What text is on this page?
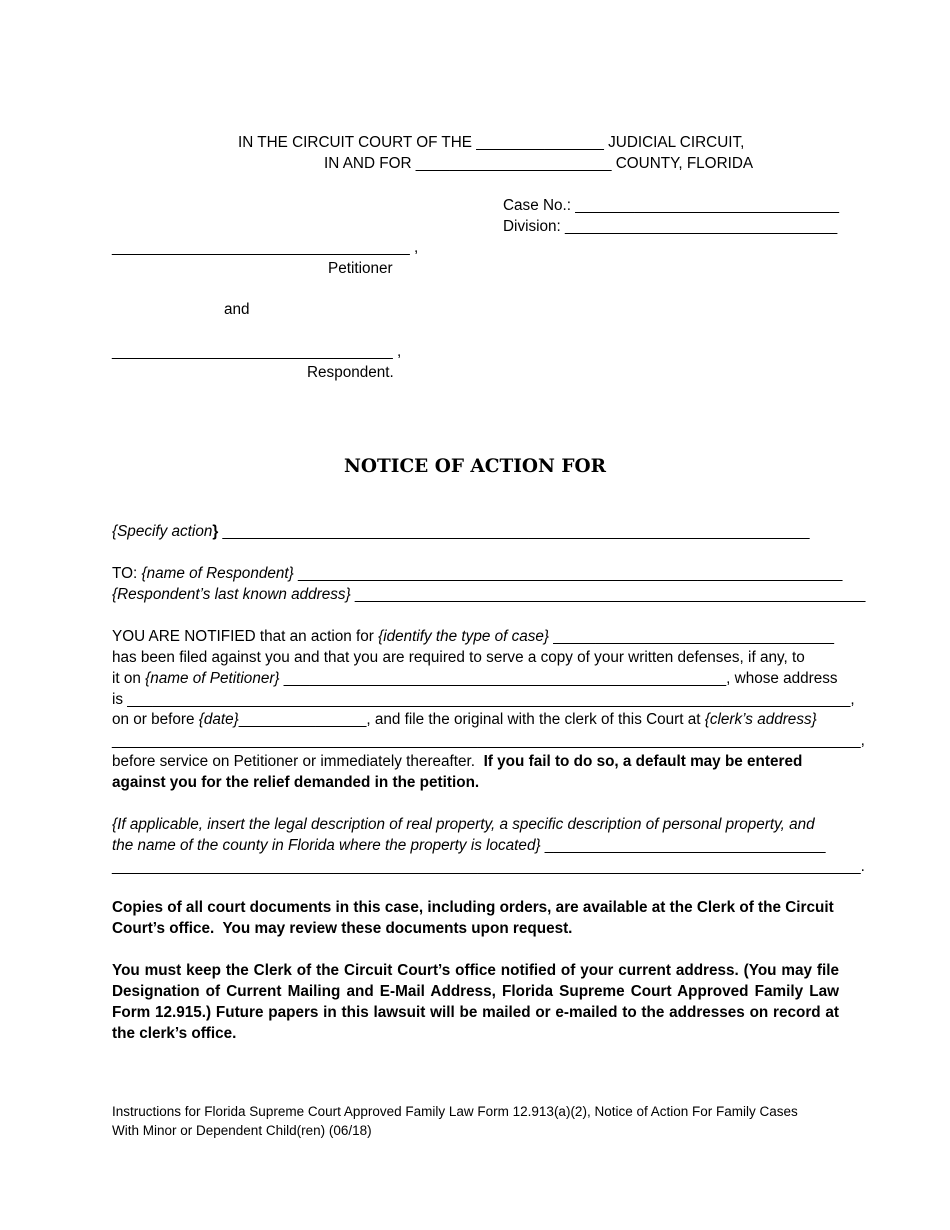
IN THE CIRCUIT COURT OF THE _______________ JUDICIAL CIRCUIT,
IN AND FOR _______________________ COUNTY, FLORIDA
Case No.: _______________________________
Division: ________________________________
___________________________________ ,
Petitioner
and
_________________________________ ,
Respondent.
NOTICE OF ACTION FOR
{Specify action} _____________________________________________________________________
TO: {name of Respondent} ________________________________________________________________
{Respondent’s last known address} ____________________________________________________________
YOU ARE NOTIFIED that an action for {identify the type of case} _________________________________
has been filed against you and that you are required to serve a copy of your written defenses, if any, to
it on {name of Petitioner} ____________________________________________________, whose address
is _____________________________________________________________________________________,
on or before {date}_______________, and file the original with the clerk of this Court at {clerk’s address}
________________________________________________________________________________________,
before service on Petitioner or immediately thereafter.  If you fail to do so, a default may be entered
against you for the relief demanded in the petition.
{If applicable, insert the legal description of real property, a specific description of personal property, and
the name of the county in Florida where the property is located} _________________________________
________________________________________________________________________________________.
Copies of all court documents in this case, including orders, are available at the Clerk of the Circuit
Court’s office.  You may review these documents upon request.
You must keep the Clerk of the Circuit Court’s office notified of your current address. (You may file Designation of Current Mailing and E-Mail Address, Florida Supreme Court Approved Family Law Form 12.915.) Future papers in this lawsuit will be mailed or e-mailed to the addresses on record at the clerk’s office.
Instructions for Florida Supreme Court Approved Family Law Form 12.913(a)(2), Notice of Action For Family Cases
With Minor or Dependent Child(ren) (06/18)
